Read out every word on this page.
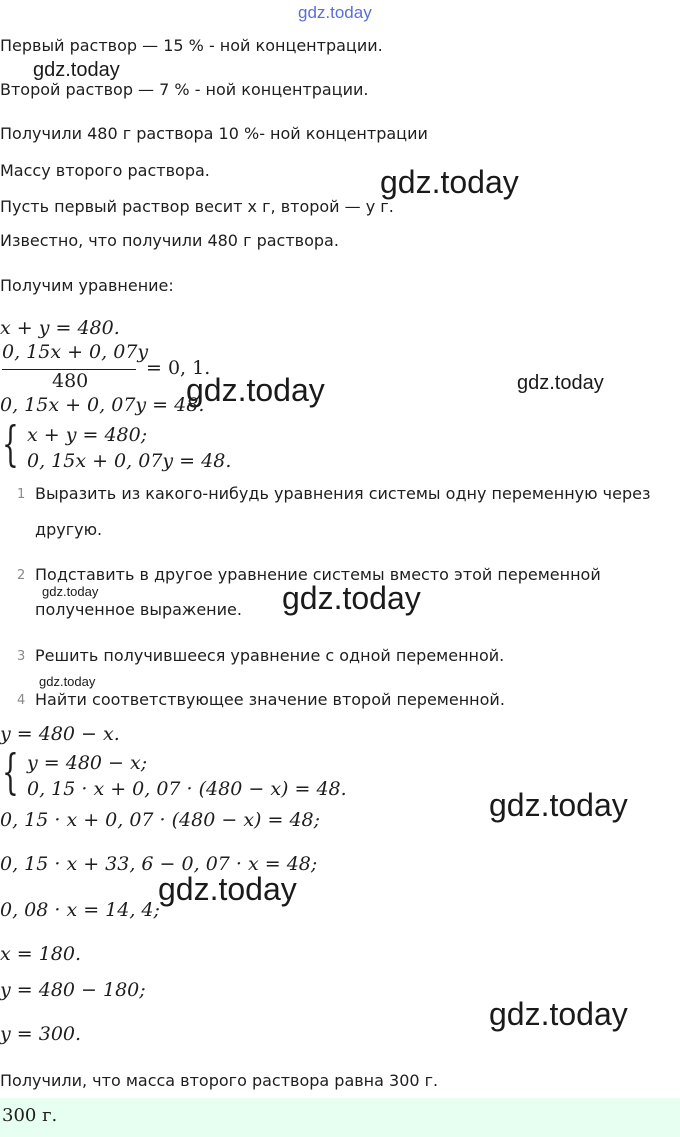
gdz.today
gdz.today
gdz.today
gdz.today	gdz.today
gdz.today	gdz.today
gdz.today
gdz.today
gdz.today
gdz.today
Первый раствор — 15 % - ной концентрации.
Второй раствор — 7 % - ной концентрации.
Получили 480 г раствора 10 %- ной концентрации
Массу второго раствора.
Пусть первый раствор весит x г, второй — y г.
Известно, что получили 480 г раствора.
Получим уравнение:
x + y = 480.
0, 15x + 0, 07y
480
= 0, 1.
0, 15x + 0, 07y = 48.
{ x + y = 480;
0, 15x + 0, 07y = 48.
1 Выразить из какого-нибудь уравнения системы одну переменную через
другую.
2 Подставить в другое уравнение системы вместо этой переменной
полученное выражение.
3 Решить получившееся уравнение с одной переменной.
4 Найти соответствующее значение второй переменной.
y = 480 − x.
{ y = 480 − x;
0, 15 · x + 0, 07 · (480 − x) = 48.
0, 15 · x + 0, 07 · (480 − x) = 48;
0, 15 · x + 33, 6 − 0, 07 · x = 48;
0, 08 · x = 14, 4;
x = 180.
y = 480 − 180;
y = 300.
Получили, что масса второго раствора равна 300 г.
300 г.
